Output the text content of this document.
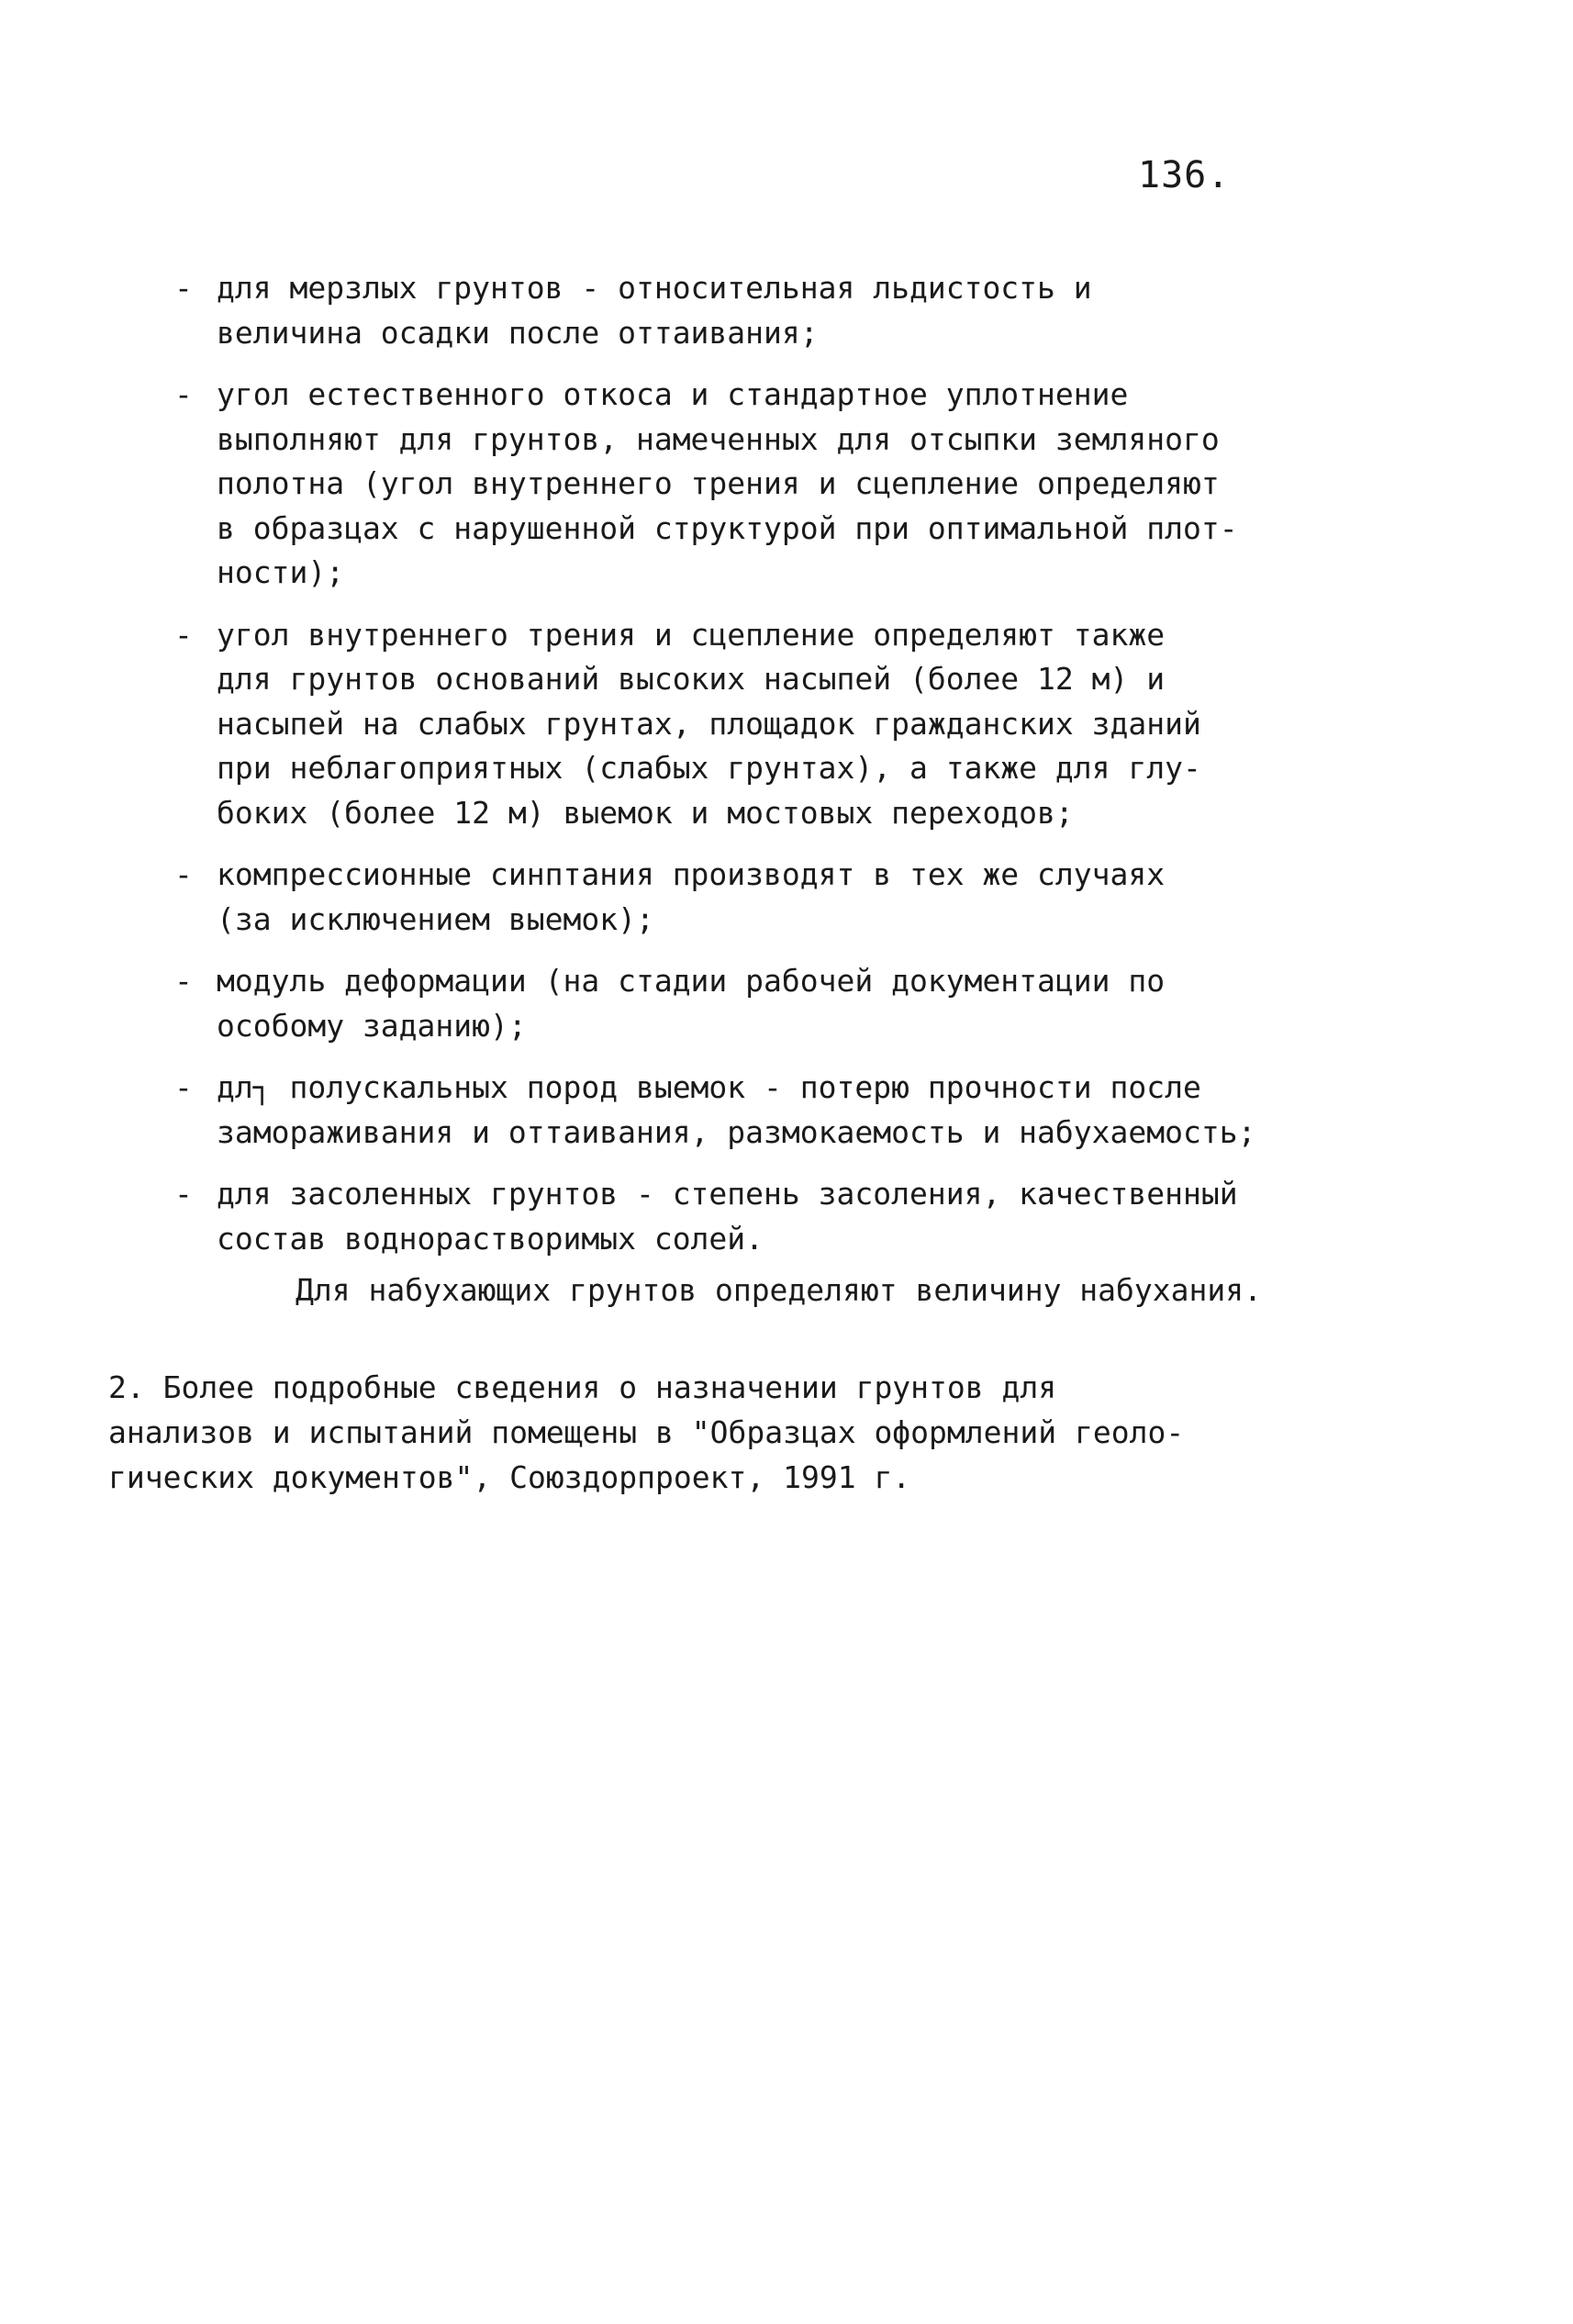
136.
- для мерзлых грунтов - относительная льдистость и
величина осадки после оттаивания;
- угол естественного откоса и стандартное уплотнение
выполняют для грунтов, намеченных для отсыпки земляного
полотна (угол внутреннего трения и сцепление определяют
в образцах с нарушенной структурой при оптимальной плот-
ности);
- угол внутреннего трения и сцепление определяют также
для грунтов оснований высоких насыпей (более 12 м) и
насыпей на слабых грунтах, площадок гражданских зданий
при неблагоприятных (слабых грунтах), а также для глу-
боких (более 12 м) выемок и мостовых переходов;
- компрессионные синптания производят в тех же случаях
(за исключением выемок);
- модуль деформации (на стадии рабочей документации по
особому заданию);
- дл┐ полускальных пород выемок - потерю прочности после
замораживания и оттаивания, размокаемость и набухаемость;
- для засоленных грунтов - степень засоления, качественный
состав воднорастворимых солей.
Для набухающих грунтов определяют величину набухания.
2. Более подробные сведения о назначении грунтов для
анализов и испытаний помещены в "Образцах оформлений геоло-
гических документов", Союздорпроект, 1991 г.
